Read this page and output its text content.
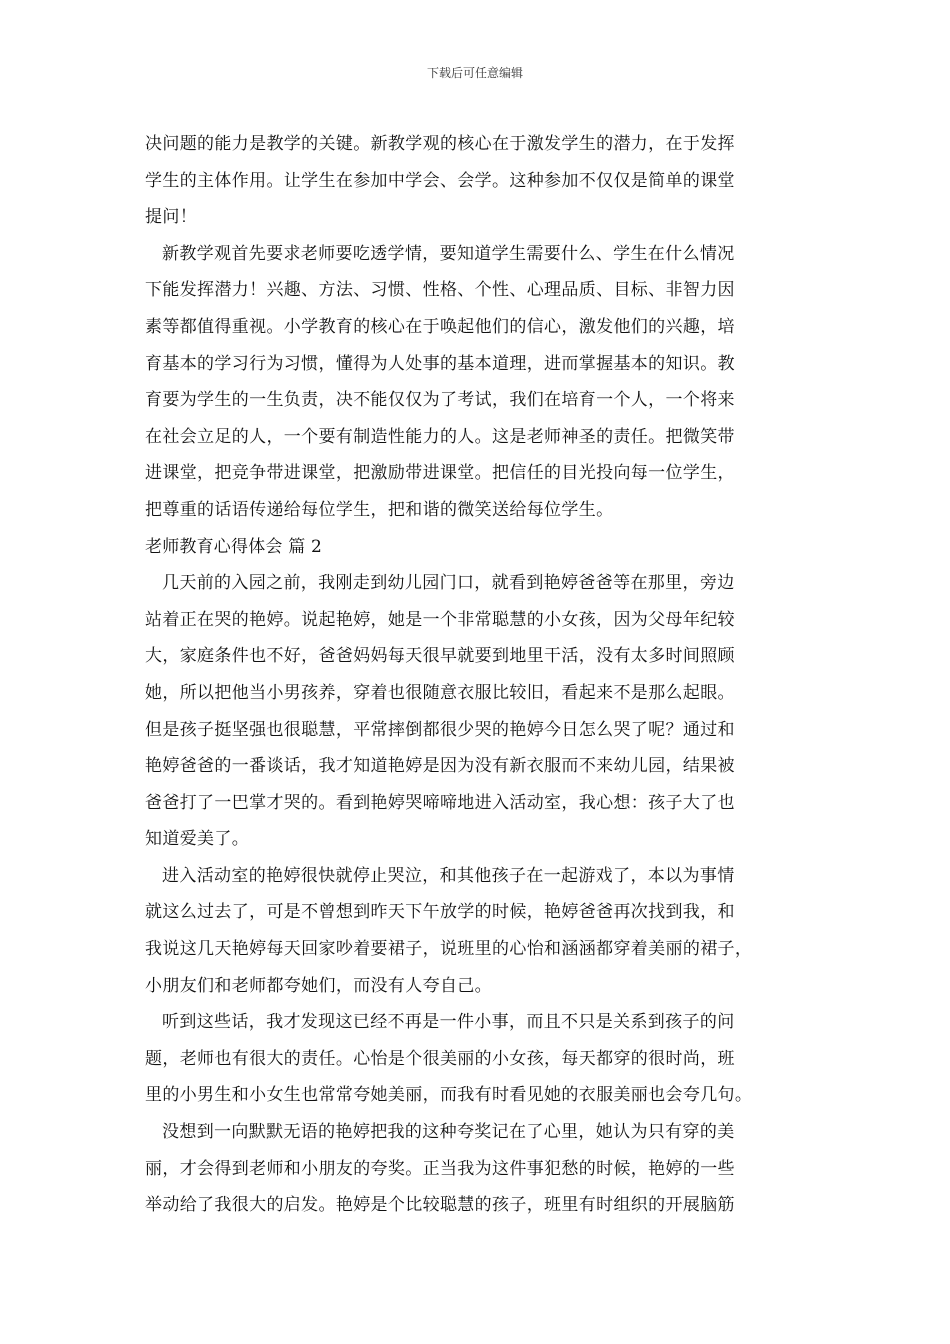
下载后可任意编辑
决问题的能力是教学的关键。新教学观的核心在于激发学生的潜力，在于发挥
学生的主体作用。让学生在参加中学会、会学。这种参加不仅仅是简单的课堂
提问！
新教学观首先要求老师要吃透学情，要知道学生需要什么、学生在什么情况
下能发挥潜力！兴趣、方法、习惯、性格、个性、心理品质、目标、非智力因
素等都值得重视。小学教育的核心在于唤起他们的信心，激发他们的兴趣，培
育基本的学习行为习惯，懂得为人处事的基本道理，进而掌握基本的知识。教
育要为学生的一生负责，决不能仅仅为了考试，我们在培育一个人，一个将来
在社会立足的人，一个要有制造性能力的人。这是老师神圣的责任。把微笑带
进课堂，把竞争带进课堂，把激励带进课堂。把信任的目光投向每一位学生，
把尊重的话语传递给每位学生，把和谐的微笑送给每位学生。
老师教育心得体会 篇 2
几天前的入园之前，我刚走到幼儿园门口，就看到艳婷爸爸等在那里，旁边
站着正在哭的艳婷。说起艳婷，她是一个非常聪慧的小女孩，因为父母年纪较
大，家庭条件也不好，爸爸妈妈每天很早就要到地里干活，没有太多时间照顾
她，所以把他当小男孩养，穿着也很随意衣服比较旧，看起来不是那么起眼。
但是孩子挺坚强也很聪慧，平常摔倒都很少哭的艳婷今日怎么哭了呢？通过和
艳婷爸爸的一番谈话，我才知道艳婷是因为没有新衣服而不来幼儿园，结果被
爸爸打了一巴掌才哭的。看到艳婷哭啼啼地进入活动室，我心想：孩子大了也
知道爱美了。
进入活动室的艳婷很快就停止哭泣，和其他孩子在一起游戏了，本以为事情
就这么过去了，可是不曾想到昨天下午放学的时候，艳婷爸爸再次找到我，和
我说这几天艳婷每天回家吵着要裙子，说班里的心怡和涵涵都穿着美丽的裙子，
小朋友们和老师都夸她们，而没有人夸自己。
听到这些话，我才发现这已经不再是一件小事，而且不只是关系到孩子的问
题，老师也有很大的责任。心怡是个很美丽的小女孩，每天都穿的很时尚，班
里的小男生和小女生也常常夸她美丽，而我有时看见她的衣服美丽也会夸几句。
没想到一向默默无语的艳婷把我的这种夸奖记在了心里，她认为只有穿的美
丽，才会得到老师和小朋友的夸奖。正当我为这件事犯愁的时候，艳婷的一些
举动给了我很大的启发。艳婷是个比较聪慧的孩子，班里有时组织的开展脑筋
